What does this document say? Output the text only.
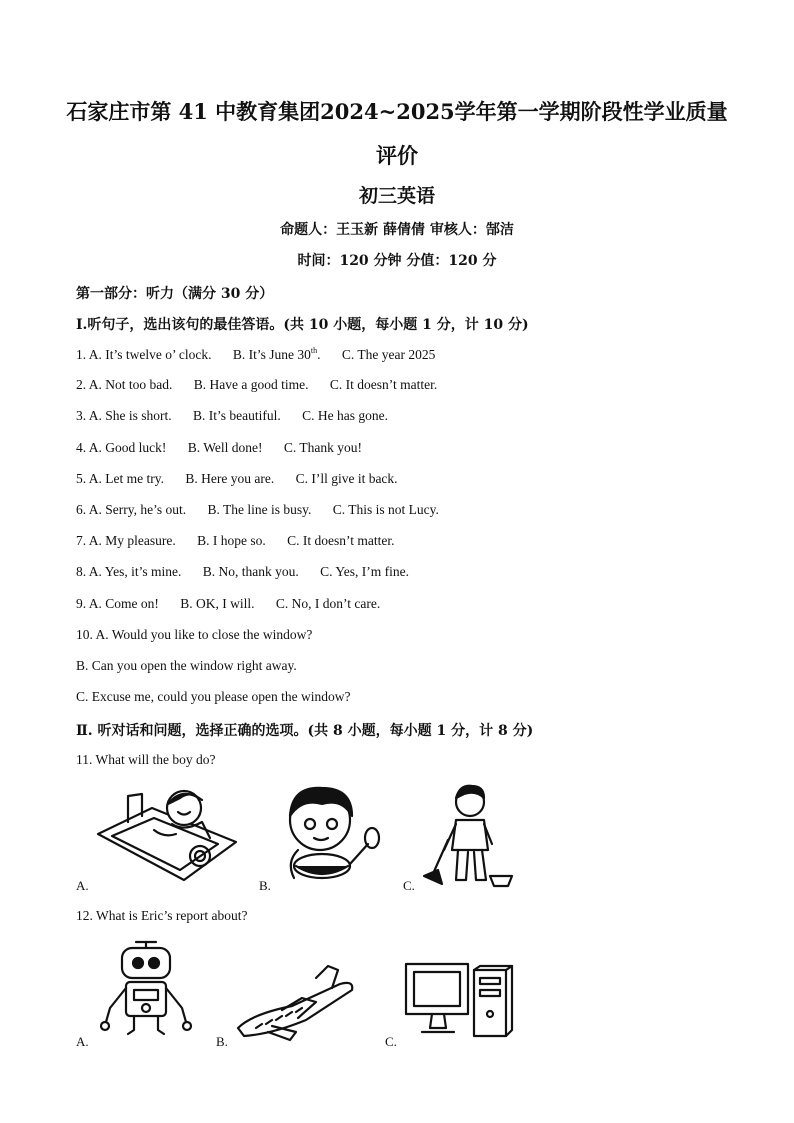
石家庄市第 41 中教育集团2024~2025学年第一学期阶段性学业质量
评价
初三英语
命题人：王玉新 薛倩倩 审核人：郜洁
时间：120 分钟 分值：120 分
第一部分：听力（满分 30 分）
Ⅰ.听句子，选出该句的最佳答语。(共 10 小题，每小题 1 分，计 10 分)
1. A. It’s twelve o’ clock. B. It’s June 30th. C. The year 2025
2. A. Not too bad. B. Have a good time. C. It doesn’t matter.
3. A. She is short. B. It’s beautiful. C. He has gone.
4. A. Good luck! B. Well done! C. Thank you!
5. A. Let me try. B. Here you are. C. I’ll give it back.
6. A. Serry, he’s out. B. The line is busy. C. This is not Lucy.
7. A. My pleasure. B. I hope so. C. It doesn’t matter.
8. A. Yes, it’s mine. B. No, thank you. C. Yes, I’m fine.
9. A. Come on! B. OK, I will. C. No, I don’t care.
10. A. Would you like to close the window?
B. Can you open the window right away.
C. Excuse me, could you please open the window?
Ⅱ. 听对话和问题，选择正确的选项。(共 8 小题，每小题 1 分，计 8 分)
11. What will the boy do?
A.	B.	C.
12. What is Eric’s report about?
A.	B.	C.
